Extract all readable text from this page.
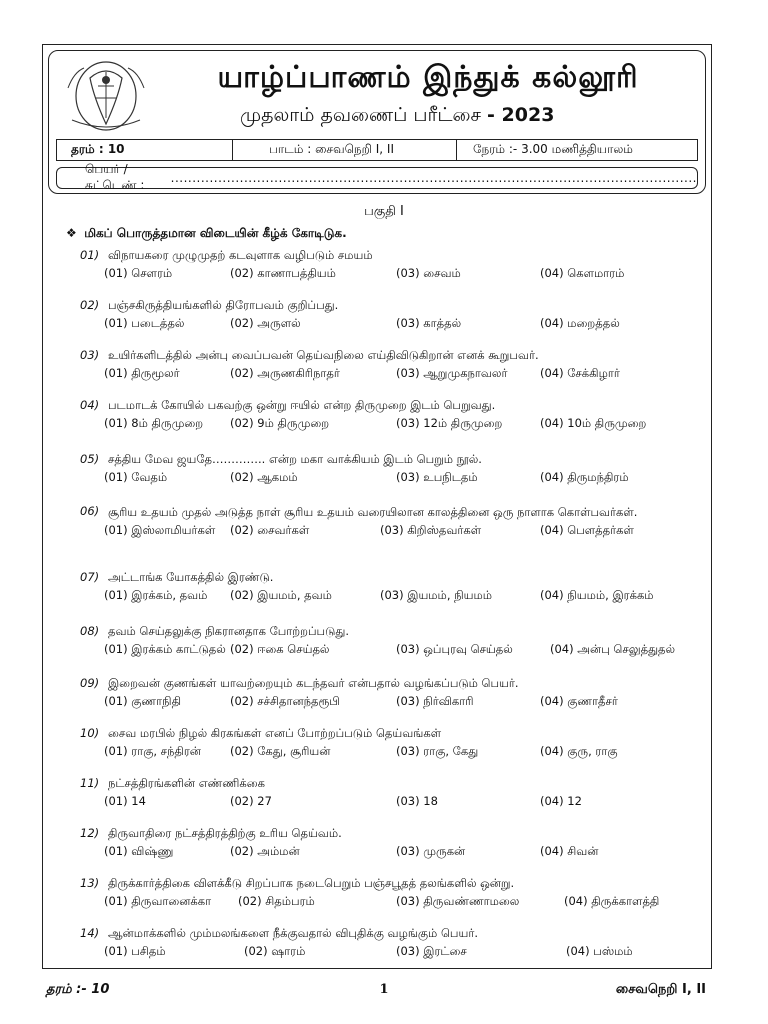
யாழ்ப்பாணம் இந்துக் கல்லூரி
முதலாம் தவணைப் பரீட்சை - 2023
தரம் : 10	பாடம் : சைவநெறி I, II	நேரம் :- 3.00 மணித்தியாலம்
பெயர் / சுட்டெண் :	..........................................................................................................................
பகுதி I
❖ மிகப் பொருத்தமான விடையின் கீழ்க் கோடிடுக.
01) விநாயகரை முழுமுதற் கடவுளாக வழிபடும் சமயம்
(01) சௌரம்	(02) காணாபத்தியம்	(03) சைவம்	(04) கௌமாரம்
02) பஞ்சகிருத்தியங்களில் திரோபவம் குறிப்பது.
(01) படைத்தல்	(02) அருளல்	(03) காத்தல்	(04) மறைத்தல்
03) உயிர்களிடத்தில் அன்பு வைப்பவன் தெய்வநிலை எய்திவிடுகிறான் எனக் கூறுபவர்.
(01) திருமூலர்	(02) அருணகிரிநாதர்	(03) ஆறுமுகநாவலர்	(04) சேக்கிழார்
04) படமாடக் கோயில் பகவற்கு ஒன்று ஈயில் என்ற திருமுறை இடம் பெறுவது.
(01) 8ம் திருமுறை (02) 9ம் திருமுறை	(03) 12ம் திருமுறை	(04) 10ம் திருமுறை
05) சத்திய மேவ ஜயதே………….. என்ற மகா வாக்கியம் இடம் பெறும் நூல்.
(01) வேதம்	(02) ஆகமம்	(03) உபநிடதம்	(04) திருமந்திரம்
06) சூரிய உதயம் முதல் அடுத்த நாள் சூரிய உதயம் வரையிலான காலத்தினை ஒரு நாளாக கொள்பவர்கள்.
(01) இஸ்லாமியர்கள் (02) சைவர்கள்	(03) கிறிஸ்தவர்கள்	(04) பௌத்தர்கள்
07) அட்டாங்க யோகத்தில் இரண்டு.
(01) இரக்கம், தவம் (02) இயமம், தவம்	(03) இயமம், நியமம்	(04) நியமம், இரக்கம்
08) தவம் செய்தலுக்கு நிகரானதாக போற்றப்படுது.
(01) இரக்கம் காட்டுதல் (02) ஈகை செய்தல்	(03) ஒப்புரவு செய்தல்	(04) அன்பு செலுத்துதல்
09) இறைவன் குணங்கள் யாவற்றையும் கடந்தவர் என்பதால் வழங்கப்படும் பெயர்.
(01) குணாநிதி	(02) சச்சிதானந்தரூபி	(03) நிர்விகாரி	(04) குணாதீசர்
10) சைவ மரபில் நிழல் கிரகங்கள் எனப் போற்றப்படும் தெய்வங்கள்
(01) ராகு, சந்திரன்	(02) கேது, சூரியன்	(03) ராகு, கேது	(04) குரு, ராகு
11) நட்சத்திரங்களின் எண்ணிக்கை
(01) 14	(02) 27	(03) 18	(04) 12
12) திருவாதிரை நட்சத்திரத்திற்கு உரிய தெய்வம்.
(01) விஷ்ணு	(02) அம்மன்	(03) முருகன்	(04) சிவன்
13) திருக்கார்த்திகை விளக்கீடு சிறப்பாக நடைபெறும் பஞ்சபூதத் தலங்களில் ஒன்று.
(01) திருவானைக்கா (02) சிதம்பரம்	(03) திருவண்ணாமலை	(04) திருக்காளத்தி
14) ஆன்மாக்களில் மும்மலங்களை நீக்குவதால் விபுதிக்கு வழங்கும் பெயர்.
(01) பசிதம்	(02) ஷாரம்	(03) இரட்சை	(04) பஸ்மம்
தரம் :- 10	1	சைவநெறி I, II
